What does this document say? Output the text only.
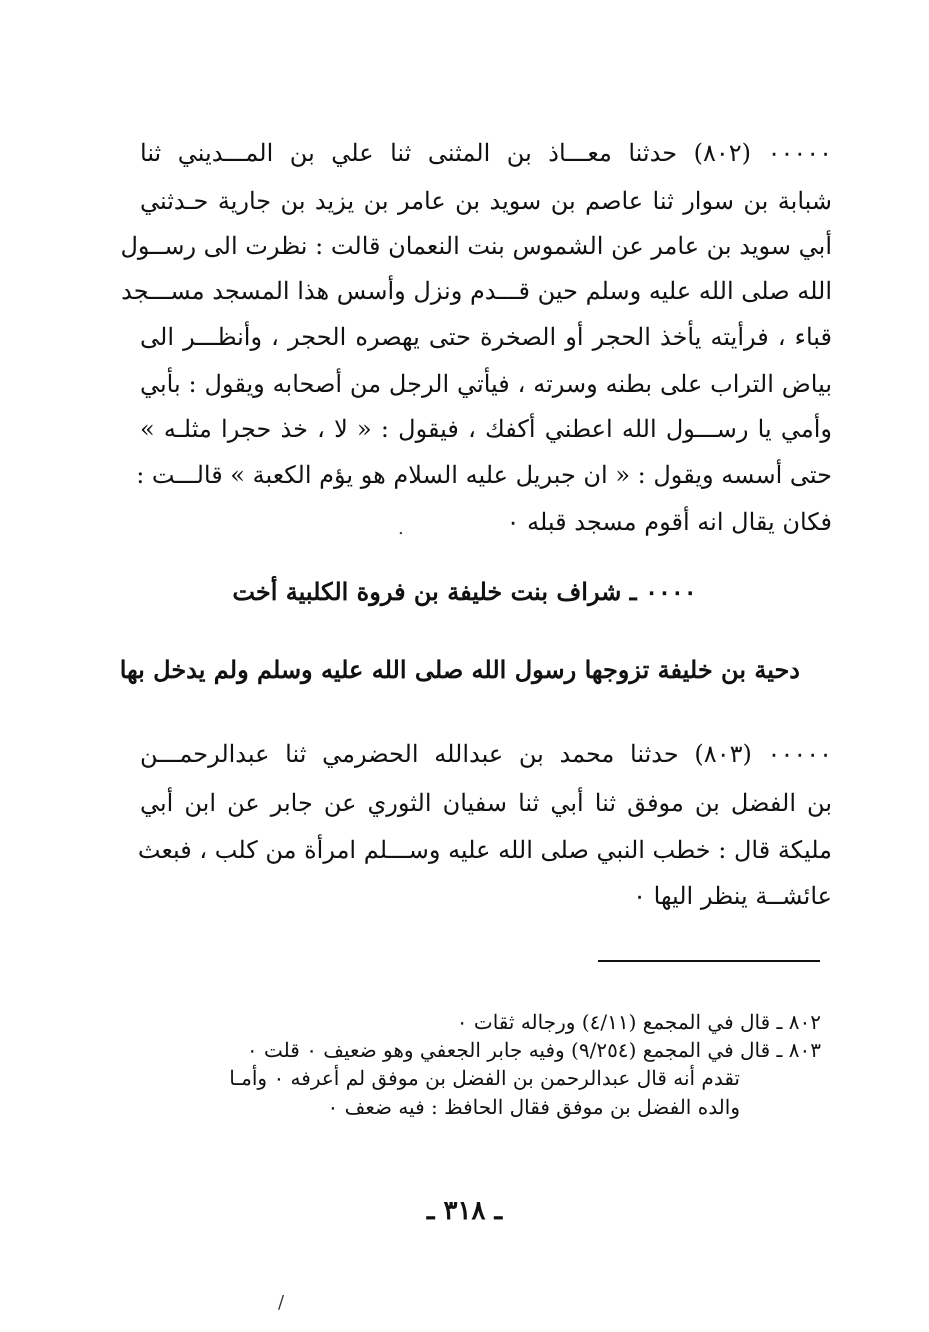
٠٠٠٠٠ (٨٠٢) حدثنا معـــاذ بن المثنى ثنا علي بن المـــديني ثنا
شبابة بن سوار ثنا عاصم بن سويد بن عامر بن يزيد بن جارية حـدثني
أبي سويد بن عامر عن الشموس بنت النعمان قالت : نظرت الى رســول
الله صلى الله عليه وسلم حين قـــدم ونزل وأسس هذا المسجد مســـجد
قباء ، فرأيته يأخذ الحجر أو الصخرة حتى يهصره الحجر ، وأنظـــر الى
بياض التراب على بطنه وسرته ، فيأتي الرجل من أصحابه ويقول : بأبي
وأمي يا رســـول الله اعطني أكفك ، فيقول : « لا ، خذ حجرا مثلـه »
حتى أسسه ويقول : « ان جبريل عليه السلام هو يؤم الكعبة » قالـــت :
فكان يقال انه أقوم مسجد قبله ٠
٠٠٠٠ ـ شراف بنت خليفة بن فروة الكلبية أخت
دحية بن خليفة تزوجها رسول الله صلى الله عليه وسلم ولم يدخل بها
٠٠٠٠٠ (٨٠٣) حدثنا محمد بن عبدالله الحضرمي ثنا عبدالرحمـــن
بن الفضل بن موفق ثنا أبي ثنا سفيان الثوري عن جابر عن ابن أبي
مليكة قال : خطب النبي صلى الله عليه وســـلم امرأة من كلب ، فبعث
عائشــة ينظر اليها ٠
٨٠٢ ـ قال في المجمع (٤/١١) ورجاله ثقات ٠
٨٠٣ ـ قال في المجمع (٩/٢٥٤) وفيه جابر الجعفي وهو ضعيف ٠ قلت ٠
تقدم أنه قال عبدالرحمن بن الفضل بن موفق لم أعرفه ٠ وأمـا
والده الفضل بن موفق فقال الحافظ : فيه ضعف ٠
ـ ٣١٨ ـ
.
/
